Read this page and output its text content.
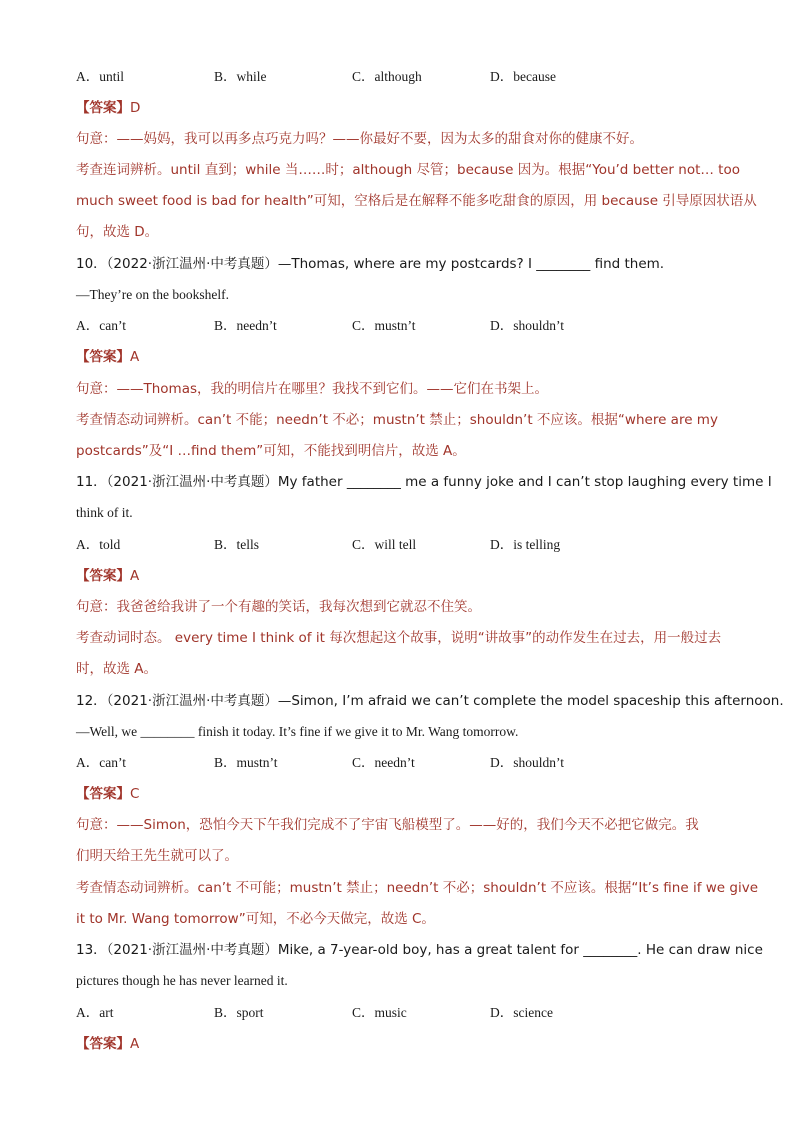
A．until	B．while	C．although	D．because
【答案】D
句意：——妈妈，我可以再多点巧克力吗？——你最好不要，因为太多的甜食对你的健康不好。
考查连词辨析。until 直到；while 当……时；although 尽管；because 因为。根据“You’d better not… too
much sweet food is bad for health”可知，空格后是在解释不能多吃甜食的原因，用 because 引导原因状语从
句，故选 D。
10．（2022·浙江温州·中考真题）—Thomas, where are my postcards? I ________ find them.
—They’re on the bookshelf.
A．can’t	B．needn’t	C．mustn’t	D．shouldn’t
【答案】A
句意：——Thomas，我的明信片在哪里？我找不到它们。——它们在书架上。
考查情态动词辨析。can’t 不能；needn’t 不必；mustn’t 禁止；shouldn’t 不应该。根据“where are my
postcards”及“I …find them”可知，不能找到明信片，故选 A。
11．（2021·浙江温州·中考真题）My father ________ me a funny joke and I can’t stop laughing every time I
think of it.
A．told	B．tells	C．will tell	D．is telling
【答案】A
句意：我爸爸给我讲了一个有趣的笑话，我每次想到它就忍不住笑。
考查动词时态。 every time I think of it 每次想起这个故事，说明“讲故事”的动作发生在过去，用一般过去
时，故选 A。
12．（2021·浙江温州·中考真题）—Simon, I’m afraid we can’t complete the model spaceship this afternoon.
—Well, we ________ finish it today. It’s fine if we give it to Mr. Wang tomorrow.
A．can’t	B．mustn’t	C．needn’t	D．shouldn’t
【答案】C
句意：——Simon，恐怕今天下午我们完成不了宇宙飞船模型了。——好的，我们今天不必把它做完。我
们明天给王先生就可以了。
考查情态动词辨析。can’t 不可能；mustn’t 禁止；needn’t 不必；shouldn’t 不应该。根据“It’s fine if we give
it to Mr. Wang tomorrow”可知，不必今天做完，故选 C。
13．（2021·浙江温州·中考真题）Mike, a 7-year-old boy, has a great talent for ________. He can draw nice
pictures though he has never learned it.
A．art	B．sport	C．music	D．science
【答案】A
